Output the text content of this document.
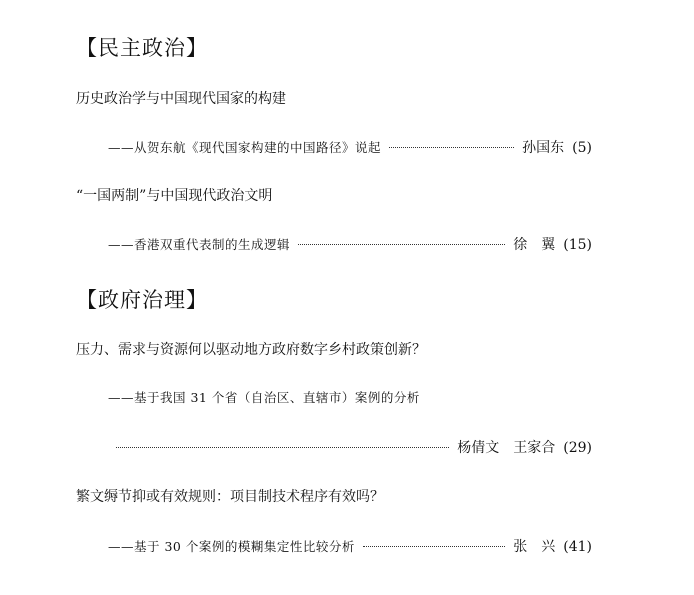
【民主政治】
历史政治学与中国现代国家的构建
——从贺东航《现代国家构建的中国路径》说起	孙国东 (5)
“一国两制”与中国现代政治文明
——香港双重代表制的生成逻辑	徐　翼 (15)
【政府治理】
压力、需求与资源何以驱动地方政府数字乡村政策创新？
——基于我国 31 个省（自治区、直辖市）案例的分析
杨倩文　王家合 (29)
繁文缛节抑或有效规则：项目制技术程序有效吗？
——基于 30 个案例的模糊集定性比较分析	张　兴 (41)
